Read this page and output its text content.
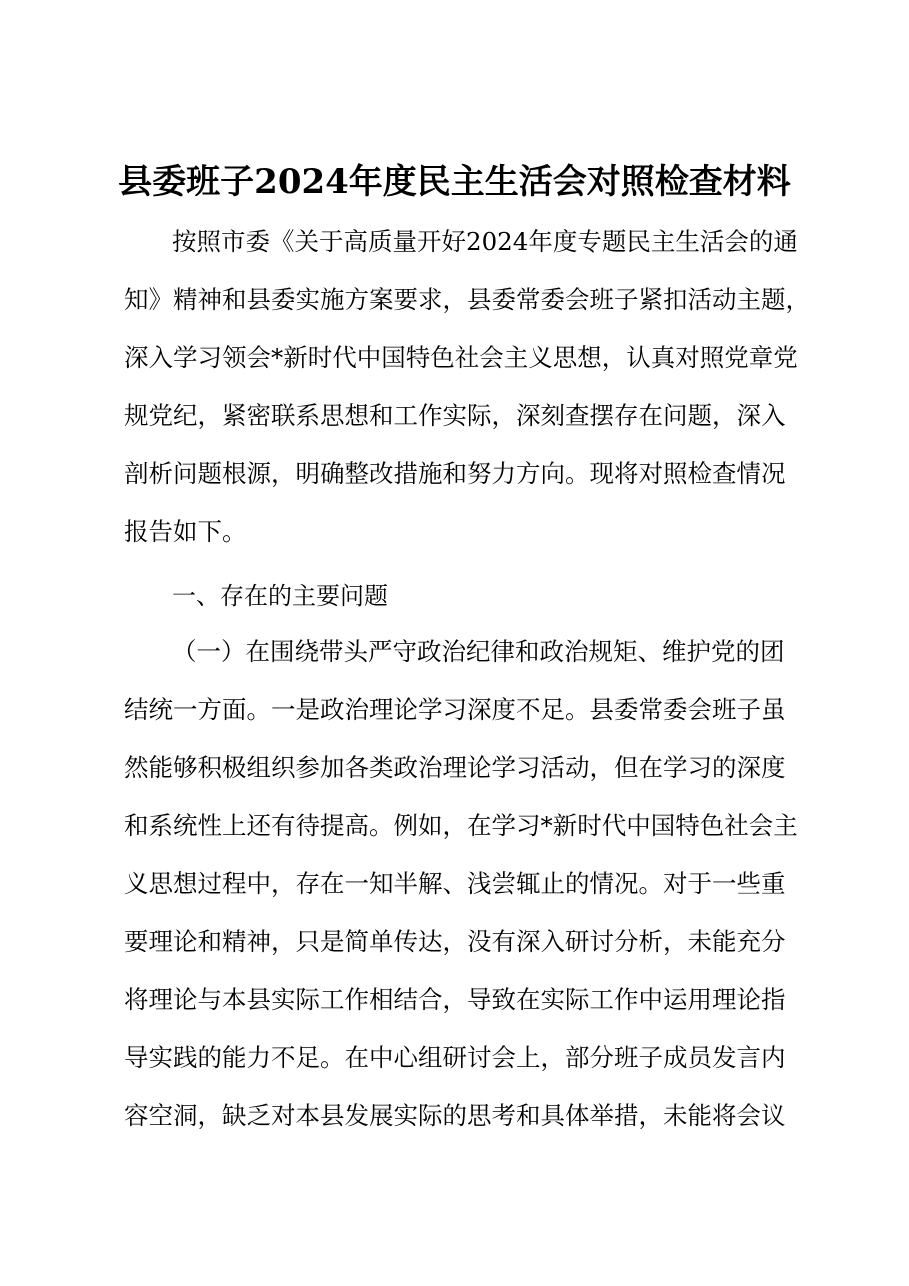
县委班子2024年度民主生活会对照检查材料

按照市委《关于高质量开好2024年度专题民主生活会的通

知》精神和县委实施方案要求，县委常委会班子紧扣活动主题，

深入学习领会*新时代中国特色社会主义思想，认真对照党章党

规党纪，紧密联系思想和工作实际，深刻查摆存在问题，深入

剖析问题根源，明确整改措施和努力方向。现将对照检查情况

报告如下。

一、存在的主要问题

（一）在围绕带头严守政治纪律和政治规矩、维护党的团

结统一方面。一是政治理论学习深度不足。县委常委会班子虽

然能够积极组织参加各类政治理论学习活动，但在学习的深度

和系统性上还有待提高。例如，在学习*新时代中国特色社会主

义思想过程中，存在一知半解、浅尝辄止的情况。对于一些重

要理论和精神，只是简单传达，没有深入研讨分析，未能充分

将理论与本县实际工作相结合，导致在实际工作中运用理论指

导实践的能力不足。在中心组研讨会上，部分班子成员发言内

容空洞，缺乏对本县发展实际的思考和具体举措，未能将会议
